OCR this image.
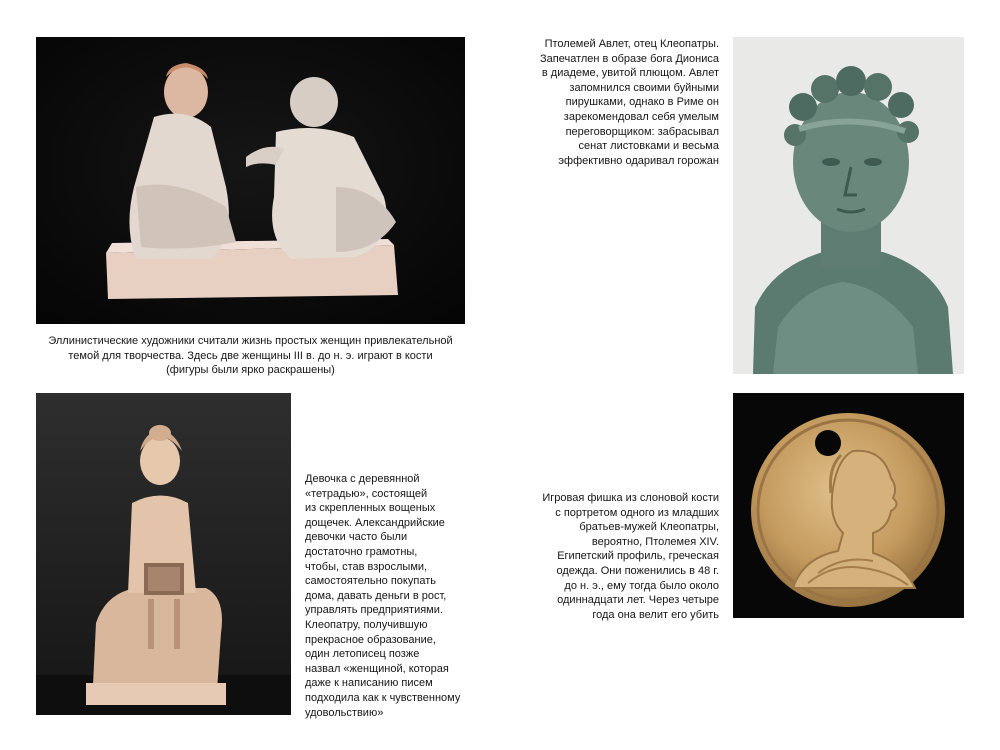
Эллинистические художники считали жизнь простых женщин привлекательной
темой для творчества. Здесь две женщины III в. до н. э. играют в кости
(фигуры были ярко раскрашены)

Птолемей Авлет, отец Клеопатры.
Запечатлен в образе бога Диониса
в диадеме, увитой плющом. Авлет
запомнился своими буйными
пирушками, однако в Риме он
зарекомендовал себя умелым
переговорщиком: забрасывал
сенат листовками и весьма
эффективно одаривал горожан

Девочка с деревянной
«тетрадью», состоящей
из скрепленных вощеных
дощечек. Александрийские
девочки часто были
достаточно грамотны,
чтобы, став взрослыми,
самостоятельно покупать
дома, давать деньги в рост,
управлять предприятиями.
Клеопатру, получившую
прекрасное образование,
один летописец позже
назвал «женщиной, которая
даже к написанию писем
подходила как к чувственному
удовольствию»

Игровая фишка из слоновой кости
с портретом одного из младших
братьев-мужей Клеопатры,
вероятно, Птолемея XIV.
Египетский профиль, греческая
одежда. Они поженились в 48 г.
до н. э., ему тогда было около
одиннадцати лет. Через четыре
года она велит его убить
